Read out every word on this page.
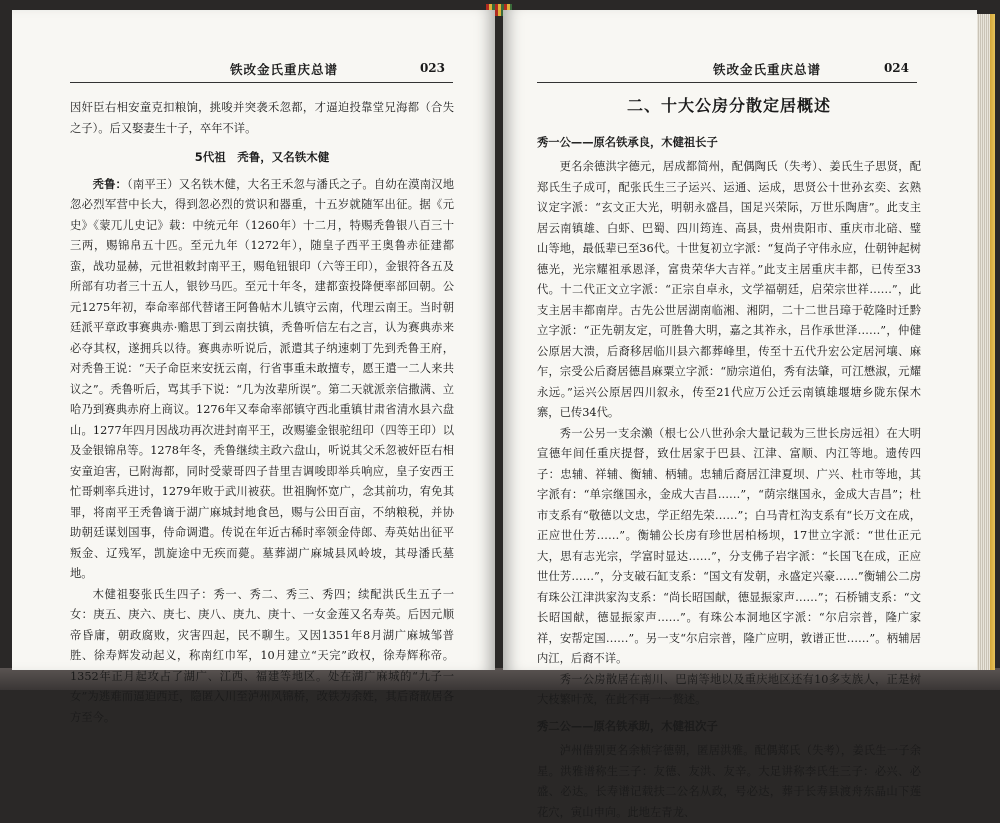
铁改金氏重庆总谱	023

因奸臣右相安童克扣粮饷，挑唆并突袭禾忽都，才逼迫投靠堂兄海都（合失之子）。后又娶妻生十子，卒年不详。

5代祖　秃鲁，又名铁木健

秃鲁：（南平王）又名铁木健，大名王禾忽与潘氏之子。自幼在漠南汉地忽必烈军营中长大，得到忽必烈的赏识和器重，十五岁就随军出征。据《元史》《蒙兀儿史记》载：中统元年（1260年）十二月，特赐秃鲁银八百三十三两，赐锦帛五十匹。至元九年（1272年），随皇子西平王奥鲁赤征建都蛮，战功显赫，元世祖敕封南平王，赐龟钮银印（六等王印），金银符各五及所部有功者三十五人，银钞马匹。至元十年冬，建都蛮投降便率部回朝。公元1275年初，奉命率部代替诸王阿鲁帖木儿镇守云南，代理云南王。当时朝廷派平章政事赛典赤·赡思丁到云南扶镇，秃鲁听信左右之言，认为赛典赤来必夺其权，遂拥兵以待。赛典赤听说后，派遣其子纳速刺丁先到秃鲁王府，对秃鲁王说：“天子命臣来安抚云南，行省事重未敢擅专，愿王遣一二人来共议之”。秃鲁听后，骂其手下说：“几为汝辈所误”。第二天就派亲信撒满、立哈乃到赛典赤府上商议。1276年又奉命率部镇守西北重镇甘肃省清水县六盘山。1277年四月因战功再次进封南平王，改赐鎏金银驼纽印（四等王印）以及金银锦帛等。1278年冬，秃鲁继续主政六盘山，听说其父禾忽被奸臣右相安童迫害，已附海都，同时受蒙哥四子昔里吉调唆即举兵响应，皇子安西王忙哥剌率兵进讨，1279年败于武川被获。世祖胸怀宽广，念其前功，宥免其罪，将南平王秃鲁谪于湖广麻城封地食邑，赐与公田百亩，不纳粮税，并协助朝廷谋划国事，侍命调遣。传说在年近古稀时率领金侍郎、寿英姑出征平叛金、辽残军，凯旋途中无疾而薨。墓葬湖广麻城县风岭坡，其母潘氏墓地。

木健祖娶张氏生四子：秀一、秀二、秀三、秀四；续配洪氏生五子一女：庚五、庚六、庚七、庚八、庚九、庚十、一女金莲又名寿英。后因元顺帝昏庸，朝政腐败，灾害四起，民不聊生。又因1351年8月湖广麻城邹普胜、徐寿辉发动起义，称南红巾军，10月建立“天完”政权，徐寿辉称帝。1352年正月起攻占了湖广、江西、福建等地区。处在湖广麻城的“九子一女”为逃难而逼迫西迁，隐匿入川至泸州风锦桥，改铁为余姓，其后裔散居各方至今。

铁改金氏重庆总谱	024

二、十大公房分散定居概述

秀一公——原名铁承良，木健祖长子

更名余德洪字德元，居成都简州，配偶陶氏（失考）、姜氏生子思贤，配郑氏生子成可，配张氏生三子运兴、运通、运成，思贤公十世孙玄奕、玄熟议定字派：“玄文正大光，明朝永盛昌，国足兴荣际，万世乐陶唐”。此支主居云南镇雄、白虾、巴蜀、四川筠连、高县，贵州贵阳市、重庆市北碚、璧山等地，最低辈已至36代。十世复初立字派：“复尚子守伟永应，仕朝钟起树德光，光宗耀祖承恩泽，富贵荣华大吉祥。”此支主居重庆丰都，已传至33代。十二代正文立字派：“正宗自卓永，文学福朝廷，启荣宗世祥……”，此支主居丰都南岸。古先公世居湖南临湘、湘阴，二十二世吕璋于乾隆时迁黔立字派：“正先朝友定，可胜鲁大明，嘉之其祚永，吕作承世泽……”，仲健公原居大溃，后裔移居临川县六都葬峰里，传至十五代升宏公定居河壤、麻乍，宗受公后裔居德昌麻粟立字派：“励宗道伯，秀有法肇，可江懋淑，元耀永远。”运兴公原居四川叙永，传至21代应万公迁云南镇雄堰塘乡陇东保木寨，已传34代。

秀一公另一支余濑（根七公八世孙余大量记载为三世长房远祖）在大明宣德年间任重庆提督，致仕居家于巴县、江津、富顺、内江等地。遗传四子：忠辅、祥辅、衡辅、柄辅。忠辅后裔居江津夏坝、广兴、杜市等地，其字派有：“单宗继国永，金成大吉昌……”，“荫宗继国永，金成大吉昌”；杜市支系有“敬德以文忠，学正绍先荣……”；白马青杠沟支系有“长万文在成，正应世仕芳……”。衡辅公长房有珍世居柏杨坝，17世立字派：“世仕正元大，思有志光宗，学富时显达……”，分支佛子岩字派：“长国飞在成，正应世仕芳……”，分支破石缸支系：“国文有发朝，永盛定兴豪……”衡辅公二房有珠公江津洪家沟支系：“尚长昭国献，德显振家声……”；石桥铺支系：“文长昭国献，德显振家声……”。有珠公本洞地区字派：“尔启宗普，隆广家祥，安帮定国……”。另一支“尔启宗普，隆广应明，敦谱正世……”。柄辅居内江，后裔不详。

秀一公房散居在南川、巴南等地以及重庆地区还有10多支族人，正是树大枝繁叶茂，在此不再一一赘述。

秀二公——原名铁承助，木健祖次子

泸州借别更名余桢字德朝，匿居洪雅。配偶郑氏（失考），姜氏生一子余星。洪雅谱称生三子：友德、友洪、友辛。大足讲称李氏生三子：必兴、必盛、必达。长寿谱记载扶二公名从政，号必达，葬于长寿县渡舟东晶山下莲花穴，寅山申向。此地左青龙、
